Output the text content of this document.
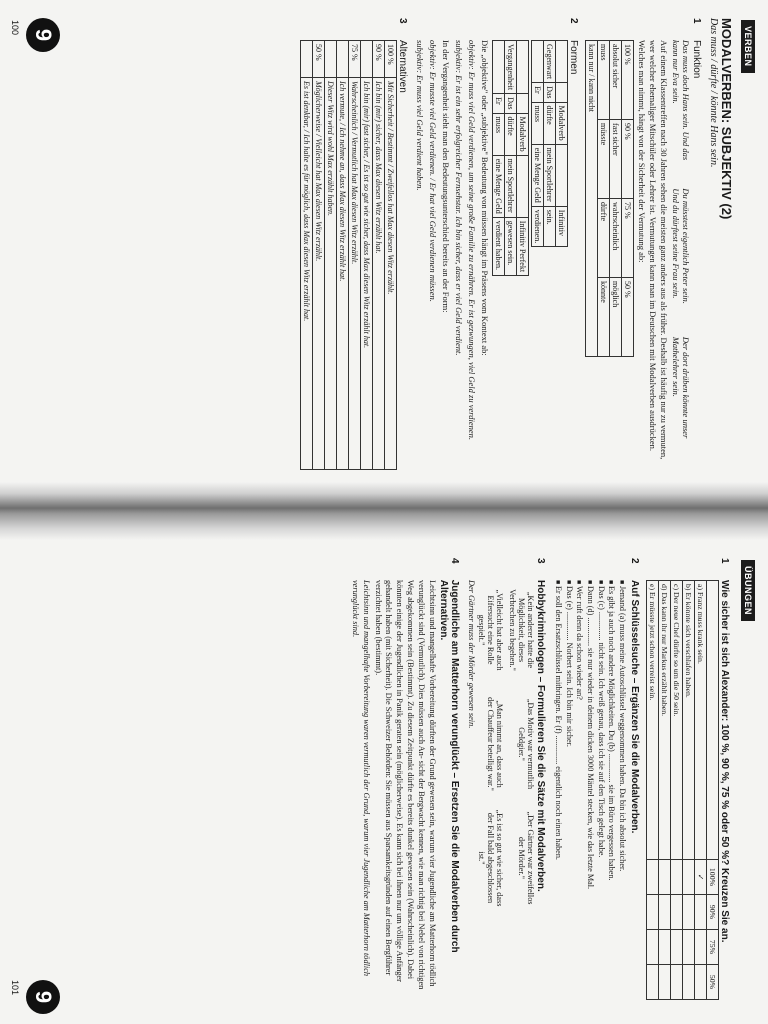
VERBEN
9
100	MODALVERBEN: SUBJEKTIV (2)
Das muss / dürfte / könnte Hans sein.
1
Funktion
Das muss doch Hans sein. Und das kann nur Eva sein.
Du müsstest eigentlich Peter sein. Und du dürftest seine Frau sein.
Der dort drüben könnte unser Mathelehrer sein.
Auf einem Klassentreffen nach 30 Jahren sehen die meisten ganz anders aus als früher. Deshalb ist häufig nur zu vermuten, wer welcher ehemaliger Mitschüler oder Lehrer ist. Vermutungen kann man im Deutschen mit Modalverben ausdrücken. Welches man nimmt, hängt von der Sicherheit der Vermutung ab:
100 %	90 %	75 %	50 %
absolut sicher	fast sicher	wahrscheinlich	möglich
muss	müsste	dürfte	könnte
kann nur / kann nicht			
2
Formen
		Modalverb		Infinitiv
Gegenwart	Das	dürfte	mein Sportlehrer	sein.
	Er	muss	eine Menge Geld	verdienen.
		Modalverb		Infinitiv Perfekt
Vergangenheit	Das	dürfte	mein Sportlehrer	gewesen sein.
	Er	muss	eine Menge Geld	verdient haben.
Die „objektive" oder „subjektive" Bedeutung von müssen hängt im Präsens vom Kontext ab:
objektiv: Er muss viel Geld verdienen, um seine große Familie zu ernähren. Er ist gezwungen, viel Geld zu verdienen.
subjektiv: Er ist ein sehr erfolgreicher Fernsehstar. Ich bin sicher, dass er viel Geld verdient.
In der Vergangenheit sieht man den Bedeutungsunterschied bereits an der Form:
objektiv: Er musste viel Geld verdienen. / Er hat viel Geld verdienen müssen.
subjektiv: Er muss viel Geld verdient haben.
3
Alternativen
100 %	Mit Sicherheit / Bestimmt / Zweifellos hat Max diesen Witz erzählt.
90 %	Ich bin (mir) sicher, dass Max diesen Witz erzählt hat.
	Ich bin (mir) fast sicher, / Es ist so gut wie sicher, dass Max diesen Witz erzählt hat.
75 %	Wahrscheinlich / Vermutlich hat Max diesen Witz erzählt.
	Ich vermute, / Ich nehme an, dass Max diesen Witz erzählt hat.
	Dieser Witz wird wohl Max erzählt haben.
50 %	Möglicherweise / Vielleicht hat Max diesen Witz erzählt.
	Es ist denkbar, / Ich halte es für möglich, dass Max diesen Witz erzählt hat.
ÜBUNGEN
9
101
1
Wie sicher ist sich Alexander: 100 %, 90 %, 75 % oder 50 %? Kreuzen Sie an.
	100%	90%	75%	50%
a) Franz muss krank sein.	✓			
b) Er könnte sich verschlafen haben.				
c) Der neue Chef dürfte so um die 50 sein.				
d) Das kann ihr nur Markus erzählt haben.				
e) Er müsste jetzt schon verreist sein.				
2
Auf Schlüsselsuche – Ergänzen Sie die Modalverben.
■ Jemand (a) muss meine Autoschlüssel weggenommen haben. Da bin ich absolut sicher.
■ Es gibt ja auch noch andere Möglichkeiten. Du (b) .............. sie im Büro vergessen haben.
■ Das (c) .............. nicht sein. Ich weiß genau, dass ich sie auf den Tisch gelegt habe.
■ Dann (d) .............. sie nur wieder in deinem dicken 3000 Mäntel stecken, wie das letzte Mal.
■ Wer ruft denn da schon wieder an?
■ Das (e) .............. Norbert sein. Ich bin mir sicher.
■ Er soll den Ersatzschlüssel mitbringen. Er (f) .............. eigentlich noch einen haben.
3
Hobbykriminologen – Formulieren Sie die Sätze mit Modalverben.
„Kein anderer hatte die Möglichkeit, dieses Verbrechen zu begehen."
„Das Motiv war vermutlich Geldgier."
„Der Gärtner war zweifellos der Mörder."
„Vielleicht hat aber auch Eifersucht eine Rolle gespielt."
„Man nimmt an, dass auch der Chauffeur beteiligt war."
„Es ist so gut wie sicher, dass der Fall bald abgeschlossen ist."
Der Gärtner muss der Mörder gewesen sein.
4
Jugendliche am Matterhorn verunglückt – Ersetzen Sie die Modalverben durch Alternativen.
Leichtsinn und mangelhafte Vorbereitung dürften der Grund gewesen sein, warum vier Jugendliche am Matterhorn tödlich verunglückt sind (Vermutlich). Dies müssen auch An- sicht der Bergwacht kennen, wie man richtig bei Nebel von richtigen Weg abgekommen sein (Bestimmt). Zu diesem Zeitpunkt dürfte es bereits dunkel gewesen sein (Wahrscheinlich). Dabei könnten einige der Jugendlichen in Panik geraten sein (möglicherweise). Es kann sich bei ihnen nur um völlige Anfänger gehandelt haben (mit Sicherheit). Die Schweizer Behörden: Sie müssen aus Sparsamkeitsgründen auf einen Bergführer verzichtet haben (bestimmt).
Leichtsinn und mangelhafte Vorbereitung waren vermutlich der Grund, warum vier Jugendliche am Matterhorn tödlich verunglückt sind.
